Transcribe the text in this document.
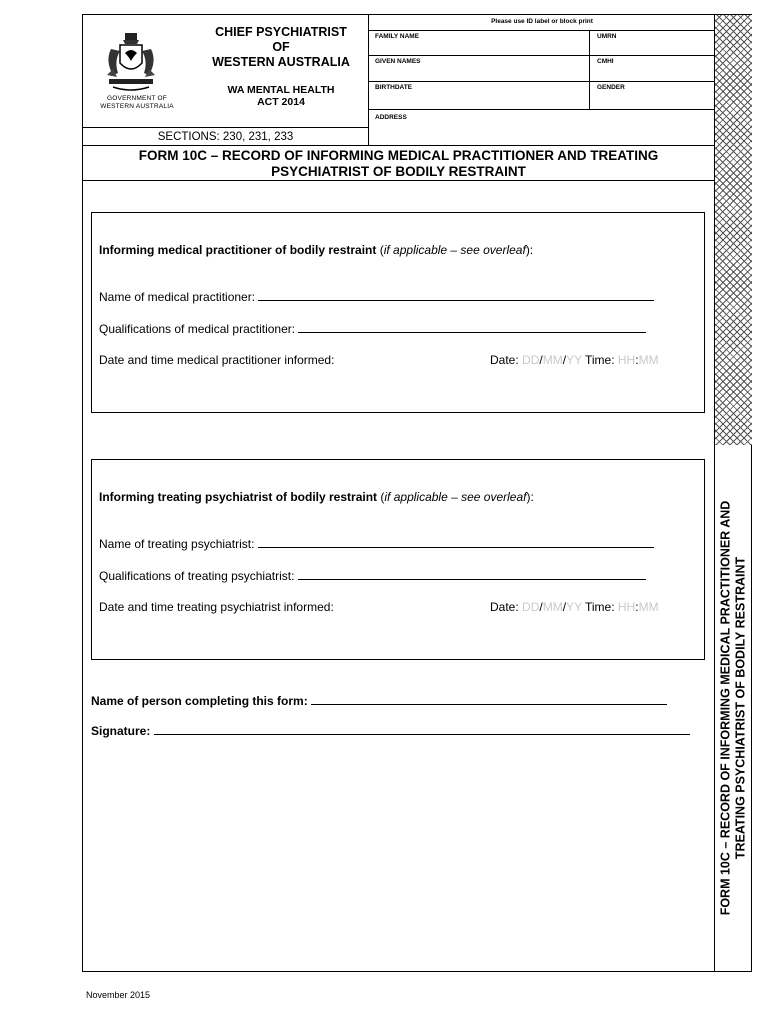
GOVERNMENT OF
WESTERN AUSTRALIA
CHIEF PSYCHIATRIST
OF
WESTERN AUSTRALIA
WA MENTAL HEALTH
ACT 2014
SECTIONS: 230, 231, 233
Please use ID label or block print
FAMILY NAME	UMRN
GIVEN NAMES	CMHI
BIRTHDATE	GENDER
ADDRESS
FORM 10C – RECORD OF INFORMING MEDICAL PRACTITIONER AND TREATING
PSYCHIATRIST OF BODILY RESTRAINT
FORM 10C – RECORD OF INFORMING MEDICAL PRACTITIONER AND TREATING PSYCHIATRIST OF BODILY RESTRAINT
Informing medical practitioner of bodily restraint (if applicable – see overleaf):
Name of medical practitioner:
Qualifications of medical practitioner:
Date and time medical practitioner informed:	Date: DD/MM/YY Time: HH:MM
Informing treating psychiatrist of bodily restraint (if applicable – see overleaf):
Name of treating psychiatrist:
Qualifications of treating psychiatrist:
Date and time treating psychiatrist informed:	Date: DD/MM/YY Time: HH:MM
Name of person completing this form:
Signature:
November 2015
